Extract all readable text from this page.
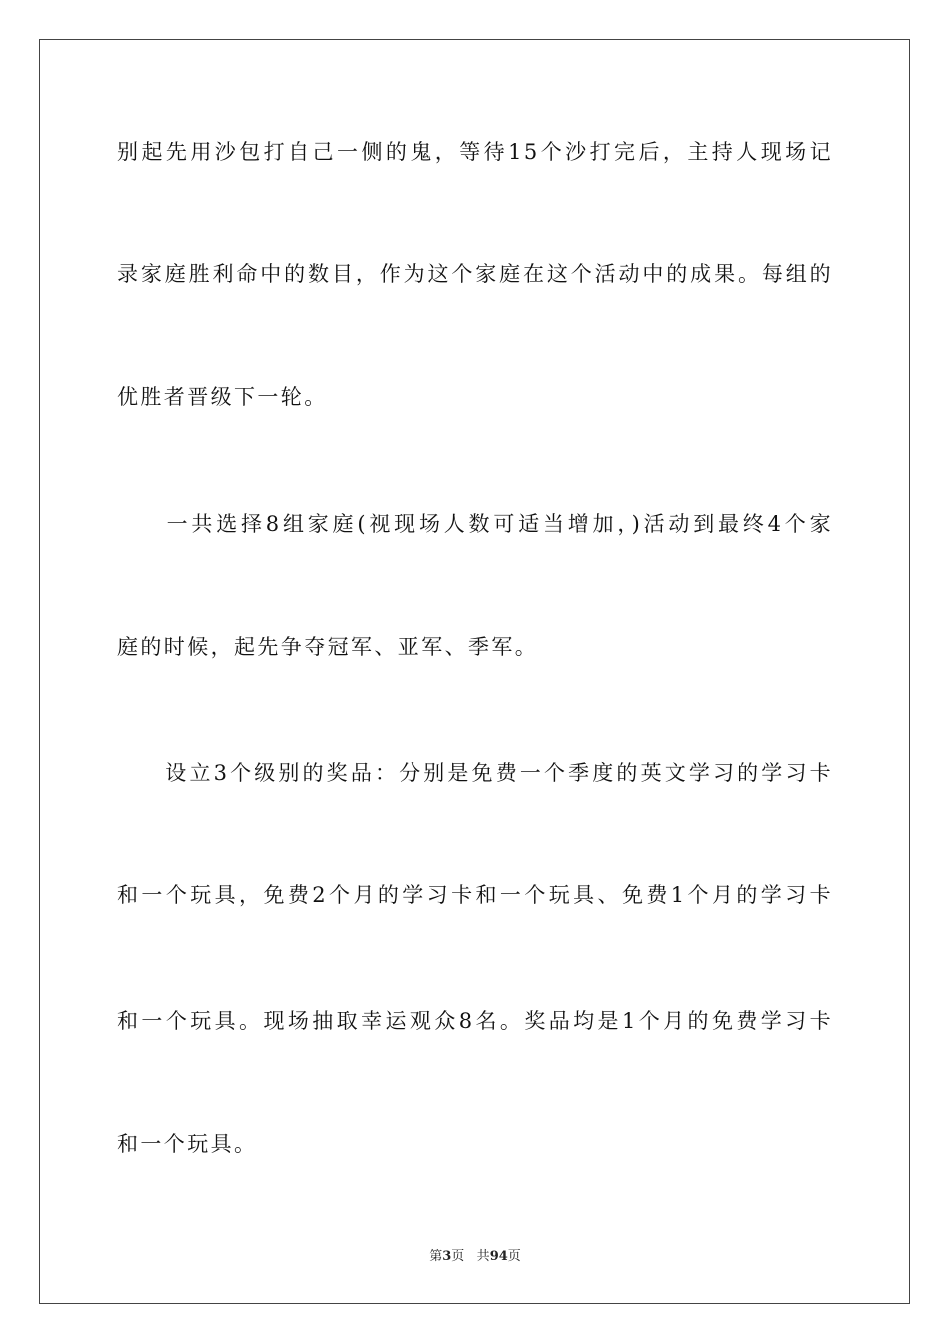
别起先用沙包打自己一侧的鬼，等待15个沙打完后，主持人现场记
录家庭胜利命中的数目，作为这个家庭在这个活动中的成果。每组的
优胜者晋级下一轮。
　　一共选择8组家庭(视现场人数可适当增加，)活动到最终4个家
庭的时候，起先争夺冠军、亚军、季军。
　　设立3个级别的奖品：分别是免费一个季度的英文学习的学习卡
和一个玩具，免费2个月的学习卡和一个玩具、免费1个月的学习卡
和一个玩具。现场抽取幸运观众8名。奖品均是1个月的免费学习卡
和一个玩具。
第3页 共94页
